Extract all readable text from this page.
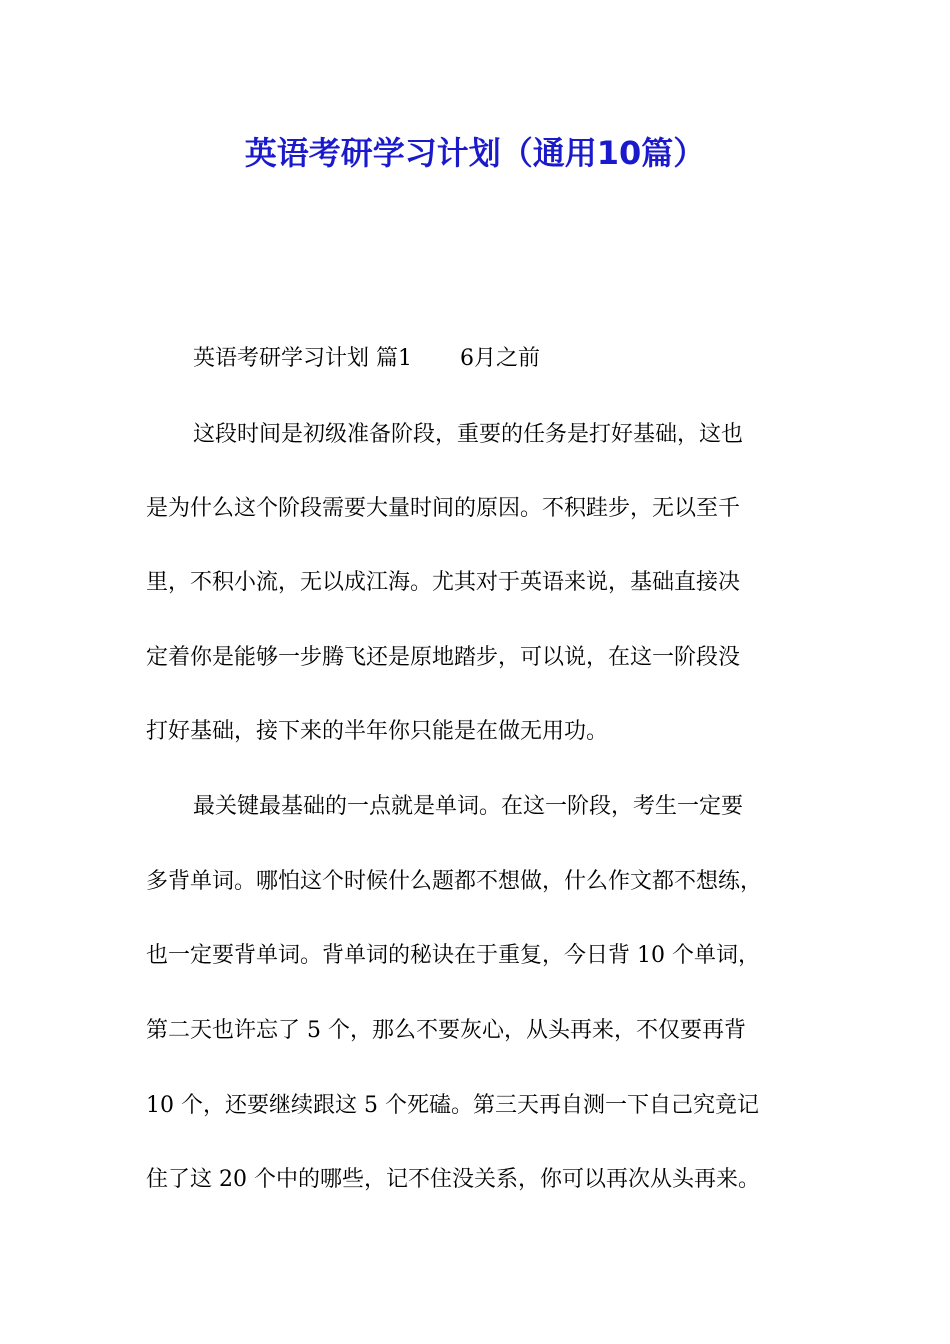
英语考研学习计划（通用10篇）
英语考研学习计划 篇1 6月之前
这段时间是初级准备阶段，重要的任务是打好基础，这也
是为什么这个阶段需要大量时间的原因。不积跬步，无以至千
里，不积小流，无以成江海。尤其对于英语来说，基础直接决
定着你是能够一步腾飞还是原地踏步，可以说，在这一阶段没
打好基础，接下来的半年你只能是在做无用功。
最关键最基础的一点就是单词。在这一阶段，考生一定要
多背单词。哪怕这个时候什么题都不想做，什么作文都不想练，
也一定要背单词。背单词的秘诀在于重复，今日背 10 个单词，
第二天也许忘了 5 个，那么不要灰心，从头再来，不仅要再背
10 个，还要继续跟这 5 个死磕。第三天再自测一下自己究竟记
住了这 20 个中的哪些，记不住没关系，你可以再次从头再来。
